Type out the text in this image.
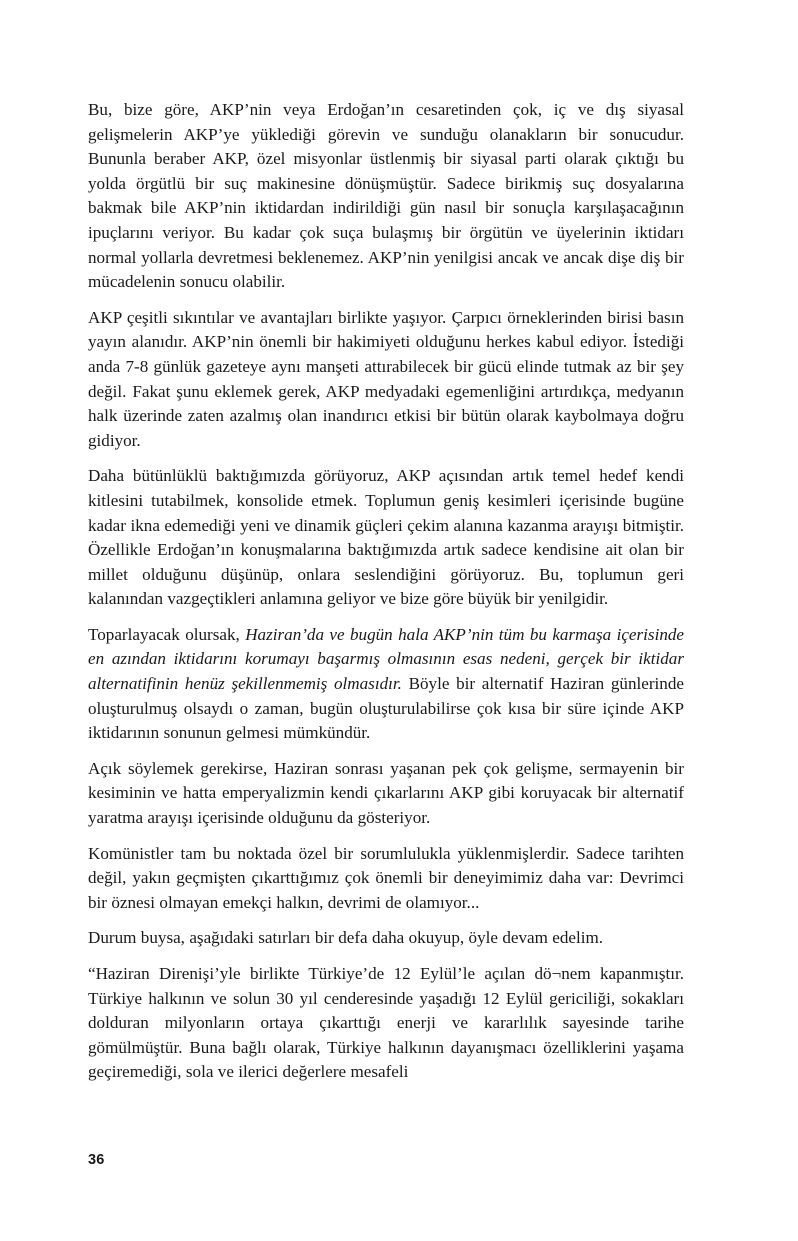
Bu, bize göre, AKP’nin veya Erdoğan’ın cesaretinden çok, iç ve dış siyasal gelişmelerin AKP’ye yüklediği görevin ve sunduğu olanakların bir sonucudur. Bununla beraber AKP, özel misyonlar üstlenmiş bir siyasal parti olarak çıktığı bu yolda örgütlü bir suç makinesine dönüşmüştür. Sadece birikmiş suç dosyalarına bakmak bile AKP’nin iktidardan indirildiği gün nasıl bir sonuçla karşılaşacağının ipuçlarını veriyor. Bu kadar çok suça bulaşmış bir örgütün ve üyelerinin iktidarı normal yollarla devretmesi beklenemez. AKP’nin yenilgisi ancak ve ancak dişe diş bir mücadelenin sonucu olabilir.

AKP çeşitli sıkıntılar ve avantajları birlikte yaşıyor. Çarpıcı örneklerinden birisi basın yayın alanıdır. AKP’nin önemli bir hakimiyeti olduğunu herkes kabul ediyor. İstediği anda 7-8 günlük gazeteye aynı manşeti attırabilecek bir gücü elinde tutmak az bir şey değil. Fakat şunu eklemek gerek, AKP medyadaki egemenliğini artırdıkça, medyanın halk üzerinde zaten azalmış olan inandırıcı etkisi bir bütün olarak kaybolmaya doğru gidiyor.

Daha bütünlüklü baktığımızda görüyoruz, AKP açısından artık temel hedef kendi kitlesini tutabilmek, konsolide etmek. Toplumun geniş kesimleri içerisinde bugüne kadar ikna edemediği yeni ve dinamik güçleri çekim alanına kazanma arayışı bitmiştir. Özellikle Erdoğan’ın konuşmalarına baktığımızda artık sadece kendisine ait olan bir millet olduğunu düşünüp, onlara seslendiğini görüyoruz. Bu, toplumun geri kalanından vazgeçtikleri anlamına geliyor ve bize göre büyük bir yenilgidir.

Toparlayacak olursak, Haziran’da ve bugün hala AKP’nin tüm bu karmaşa içerisinde en azından iktidarını korumayı başarmış olmasının esas nedeni, gerçek bir iktidar alternatifinin henüz şekillenmemiş olmasıdır. Böyle bir alternatif Haziran günlerinde oluşturulmuş olsaydı o zaman, bugün oluşturulabilirse çok kısa bir süre içinde AKP iktidarının sonunun gelmesi mümkündür.

Açık söylemek gerekirse, Haziran sonrası yaşanan pek çok gelişme, sermayenin bir kesiminin ve hatta emperyalizmin kendi çıkarlarını AKP gibi koruyacak bir alternatif yaratma arayışı içerisinde olduğunu da gösteriyor.

Komünistler tam bu noktada özel bir sorumlulukla yüklenmişlerdir. Sadece tarihten değil, yakın geçmişten çıkarttığımız çok önemli bir deneyimimiz daha var: Devrimci bir öznesi olmayan emekçi halkın, devrimi de olamıyor...

Durum buysa, aşağıdaki satırları bir defa daha okuyup, öyle devam edelim.

“Haziran Direnişi’yle birlikte Türkiye’de 12 Eylül’le açılan dö¬nem kapanmıştır. Türkiye halkının ve solun 30 yıl cenderesinde yaşadığı 12 Eylül gericiliği, sokakları dolduran milyonların ortaya çıkarttığı enerji ve kararlılık sayesinde tarihe gömülmüştür. Buna bağlı olarak, Türkiye halkının dayanışmacı özelliklerini yaşama geçiremediği, sola ve ilerici değerlere mesafeli

36
